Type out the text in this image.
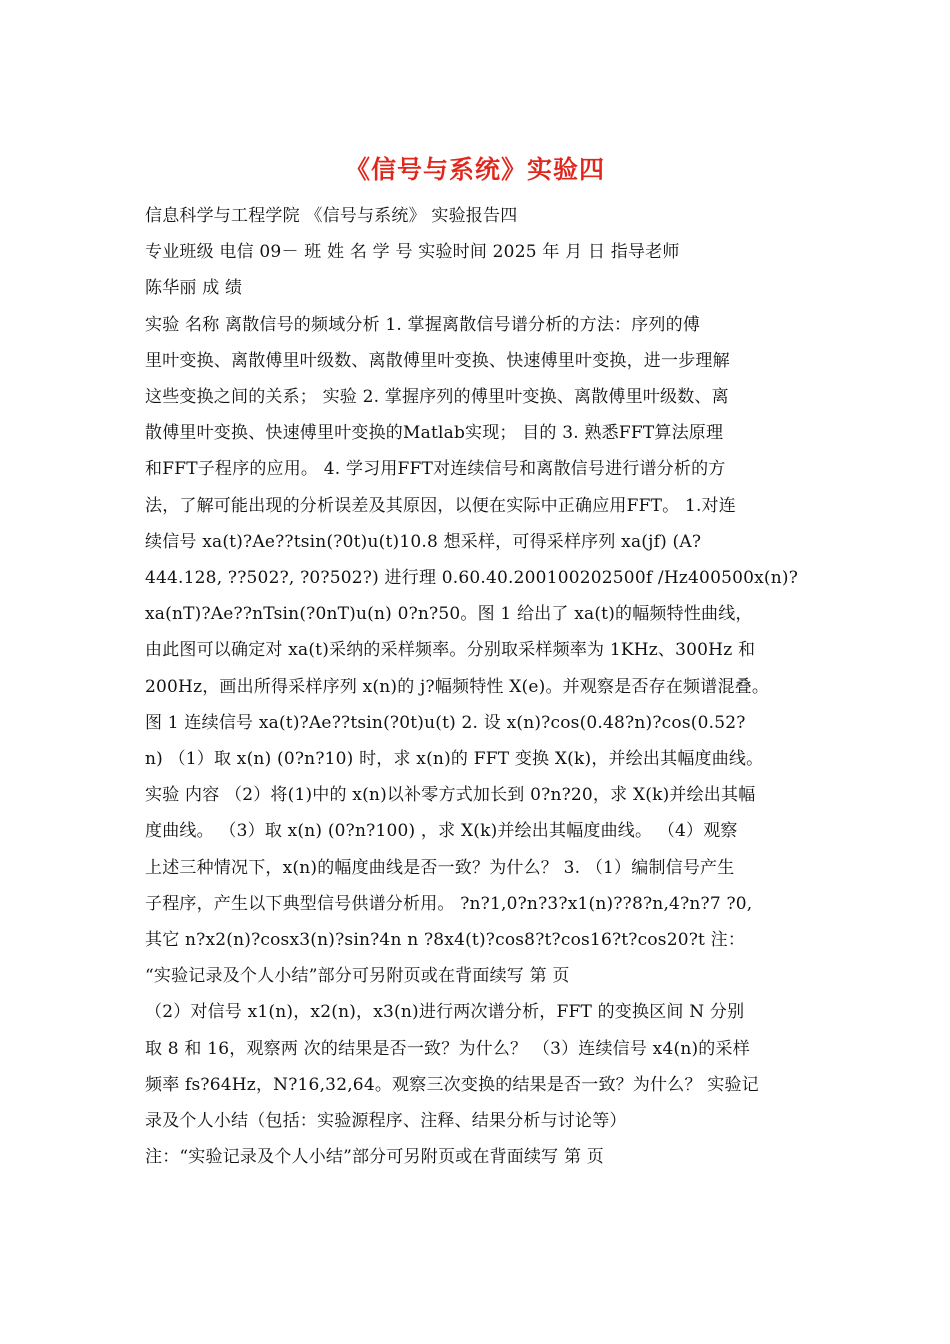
《信号与系统》实验四

信息科学与工程学院 《信号与系统》 实验报告四

专业班级 电信 09－ 班 姓 名 学 号 实验时间 2025 年 月 日 指导老师

陈华丽 成 绩

实验 名称 离散信号的频域分析 1. 掌握离散信号谱分析的方法：序列的傅

里叶变换、离散傅里叶级数、离散傅里叶变换、快速傅里叶变换，进一步理解

这些变换之间的关系； 实验 2. 掌握序列的傅里叶变换、离散傅里叶级数、离

散傅里叶变换、快速傅里叶变换的Matlab实现； 目的 3. 熟悉FFT算法原理

和FFT子程序的应用。 4. 学习用FFT对连续信号和离散信号进行谱分析的方

法，了解可能出现的分析误差及其原因，以便在实际中正确应用FFT。 1.对连

续信号 xa(t)?Ae??tsin(?0t)u(t)10.8 想采样，可得采样序列 xa(jf) (A?

444.128, ??502?, ?0?502?) 进行理 0.60.40.200100202500f /Hz400500x(n)?

xa(nT)?Ae??nTsin(?0nT)u(n) 0?n?50。图 1 给出了 xa(t)的幅频特性曲线，

由此图可以确定对 xa(t)采纳的采样频率。分别取采样频率为 1KHz、300Hz 和

200Hz，画出所得采样序列 x(n)的 j?幅频特性 X(e)。并观察是否存在频谱混叠。

图 1 连续信号 xa(t)?Ae??tsin(?0t)u(t) 2. 设 x(n)?cos(0.48?n)?cos(0.52?

n) （1）取 x(n) (0?n?10) 时，求 x(n)的 FFT 变换 X(k)，并绘出其幅度曲线。

实验 内容 （2）将(1)中的 x(n)以补零方式加长到 0?n?20，求 X(k)并绘出其幅

度曲线。 （3）取 x(n) (0?n?100) ，求 X(k)并绘出其幅度曲线。 （4）观察

上述三种情况下，x(n)的幅度曲线是否一致？为什么？ 3. （1）编制信号产生

子程序，产生以下典型信号供谱分析用。 ?n?1,0?n?3?x1(n)??8?n,4?n?7 ?0,

其它 n?x2(n)?cosx3(n)?sin?4n n ?8x4(t)?cos8?t?cos16?t?cos20?t 注：

“实验记录及个人小结”部分可另附页或在背面续写 第 页

（2）对信号 x1(n)，x2(n)，x3(n)进行两次谱分析，FFT 的变换区间 N 分别

取 8 和 16，观察两 次的结果是否一致？为什么？ （3）连续信号 x4(n)的采样

频率 fs?64Hz，N?16,32,64。观察三次变换的结果是否一致？为什么？ 实验记

录及个人小结（包括：实验源程序、注释、结果分析与讨论等）

注：“实验记录及个人小结”部分可另附页或在背面续写 第 页
